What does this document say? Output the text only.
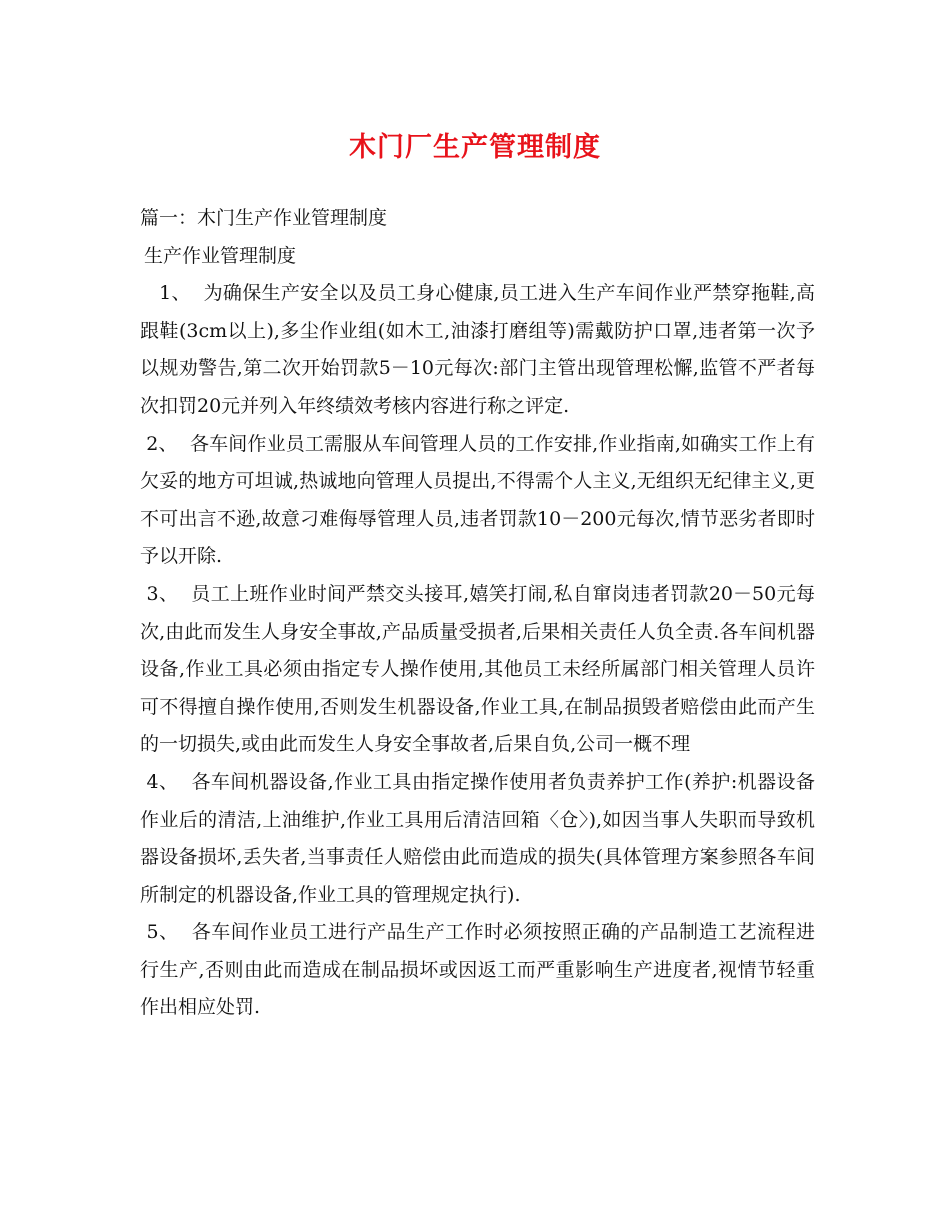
木门厂生产管理制度

篇一：木门生产作业管理制度

生产作业管理制度

1、 为确保生产安全以及员工身心健康,员工进入生产车间作业严禁穿拖鞋,高跟鞋(3cm以上),多尘作业组(如木工,油漆打磨组等)需戴防护口罩,违者第一次予以规劝警告,第二次开始罚款5－10元每次:部门主管出现管理松懈,监管不严者每次扣罚20元并列入年终绩效考核内容进行称之评定.

2、 各车间作业员工需服从车间管理人员的工作安排,作业指南,如确实工作上有欠妥的地方可坦诚,热诚地向管理人员提出,不得需个人主义,无组织无纪律主义,更不可出言不逊,故意刁难侮辱管理人员,违者罚款10－200元每次,情节恶劣者即时予以开除.

3、 员工上班作业时间严禁交头接耳,嬉笑打闹,私自窜岗违者罚款20－50元每次,由此而发生人身安全事故,产品质量受损者,后果相关责任人负全责.各车间机器设备,作业工具必须由指定专人操作使用,其他员工未经所属部门相关管理人员许可不得擅自操作使用,否则发生机器设备,作业工具,在制品损毁者赔偿由此而产生的一切损失,或由此而发生人身安全事故者,后果自负,公司一概不理

4、 各车间机器设备,作业工具由指定操作使用者负责养护工作(养护:机器设备作业后的清洁,上油维护,作业工具用后清洁回箱〈仓〉),如因当事人失职而导致机器设备损坏,丢失者,当事责任人赔偿由此而造成的损失(具体管理方案参照各车间所制定的机器设备,作业工具的管理规定执行).

5、 各车间作业员工进行产品生产工作时必须按照正确的产品制造工艺流程进行生产,否则由此而造成在制品损坏或因返工而严重影响生产进度者,视情节轻重作出相应处罚.
